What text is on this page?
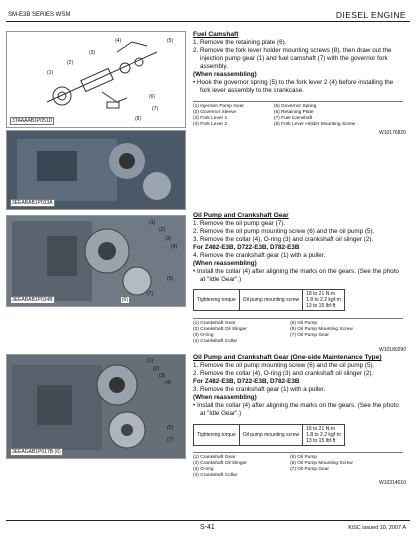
SM-E3B SERIES WSM	DIESEL ENGINE
(4)	(5)
(3)
(2)
(1)
(6)
(7)
(8)
3TAAAAB1P051D
3EEABAB1P033A
Fuel Camshaft
1. Remove the retaining plate (6).
2. Remove the fork lever holder mounting screws (8), then draw out the injection pump gear (1) and fuel camshaft (7) with the governor fork assembly.
(When reassembling)
• Hook the governor spring (5) to the fork lever 2 (4) before installing the fork lever assembly to the crankcase.
(1) Injection Pump Gear
(2) Governor Sleeve
(3) Fork Lever 1
(4) Fork Lever 2

(5) Governor Spring
(6) Retaining Plate
(7) Fuel Camshaft
(8) Fork Lever Holder Mounting Screw
W10176820
(1)
(2)
(3)
(4)
(5)
(7)
3EEABAB1P034B	(6)
Oil Pump and Crankshaft Gear
1. Remove the oil pump gear (7).
2. Remove the oil pump mounting screw (6) and the oil pump (5).
3. Remove the collar (4), O-ring (3) and crankshaft oil slinger (2).
For Z482-E3B, D722-E3B, D782-E3B
4. Remove the crankshaft gear (1) with a puller.
(When reassembling)
• Install the collar (4) after aligning the marks on the gears. (See the photo at "Idle Gear".)
Tightening torque	Oil pump mounting screw	
18 to 21 N·m
1.8 to 2.2 kgf·m
13 to 15 lbf·ft
(1) Crankshaft Gear
(2) Crankshaft Oil Slinger
(3) O-ring
(4) Crankshaft Collar

(5) Oil Pump
(6) Oil Pump Mounting Screw
(7) Oil Pump Gear
W10180290
(1)
(2)
(3)
(4)
(5)
(7)
3EEAGAB1P017B (6)
Oil Pump and Crankshaft Gear (One-side Maintenance Type)
1. Remove the oil pump mounting screw (6) and the oil pump (5).
2. Remove the collar (4), O-ring (3) and crankshaft oil slinger (2).
For Z482-E3B, D722-E3B, D782-E3B
3. Remove the crankshaft gear (1) with a puller.
(When reassembling)
• Install the collar (4) after aligning the marks on the gears. (See the photo at "Idle Gear".)
Tightening torque	Oil pump mounting screw	
16 to 21 N·m
1.8 to 2.2 kgf·m
13 to 15 lbf·ft
(1) Crankshaft Gear
(2) Crankshaft Oil Slinger
(3) O-ring
(4) Crankshaft Collar

(5) Oil Pump
(6) Oil Pump Mounting Screw
(7) Oil Pump Gear
W10314010
S-41	KiSC issued 10, 2007 A
